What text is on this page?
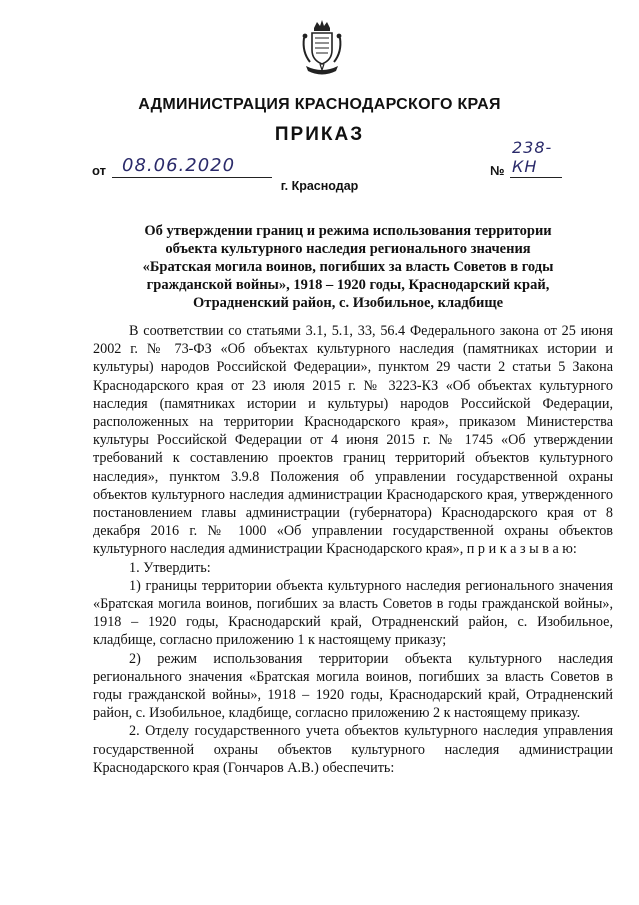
АДМИНИСТРАЦИЯ КРАСНОДАРСКОГО КРАЯ
ПРИКАЗ
от 08.06.2020	№
238-КН
г. Краснодар
Об утверждении границ и режима использования территории
объекта культурного наследия регионального значения
«Братская могила воинов, погибших за власть Советов в годы
гражданской войны», 1918 – 1920 годы, Краснодарский край,
Отрадненский район, с. Изобильное, кладбище

В соответствии со статьями 3.1, 5.1, 33, 56.4 Федерального закона от 25 июня 2002 г. № 73-ФЗ «Об объектах культурного наследия (памятниках истории и культуры) народов Российской Федерации», пунктом 29 части 2 статьи 5 Закона Краснодарского края от 23 июля 2015 г. № 3223-КЗ «Об объектах культурного наследия (памятниках истории и культуры) народов Российской Федерации, расположенных на территории Краснодарского края», приказом Министерства культуры Российской Федерации от 4 июня 2015 г. № 1745 «Об утверждении требований к составлению проектов границ территорий объектов культурного наследия», пунктом 3.9.8 Положения об управлении государственной охраны объектов культурного наследия администрации Краснодарского края, утвержденного постановлением главы администрации (губернатора) Краснодарского края от 8 декабря 2016 г. № 1000 «Об управлении государственной охраны объектов культурного наследия администрации Краснодарского края», п р и к а з ы в а ю:

1. Утвердить:

1) границы территории объекта культурного наследия регионального значения «Братская могила воинов, погибших за власть Советов в годы гражданской войны», 1918 – 1920 годы, Краснодарский край, Отрадненский район, с. Изобильное, кладбище, согласно приложению 1 к настоящему приказу;

2) режим использования территории объекта культурного наследия регионального значения «Братская могила воинов, погибших за власть Советов в годы гражданской войны», 1918 – 1920 годы, Краснодарский край, Отрадненский район, с. Изобильное, кладбище, согласно приложению 2 к настоящему приказу.

2. Отделу государственного учета объектов культурного наследия управления государственной охраны объектов культурного наследия администрации Краснодарского края (Гончаров А.В.) обеспечить:
